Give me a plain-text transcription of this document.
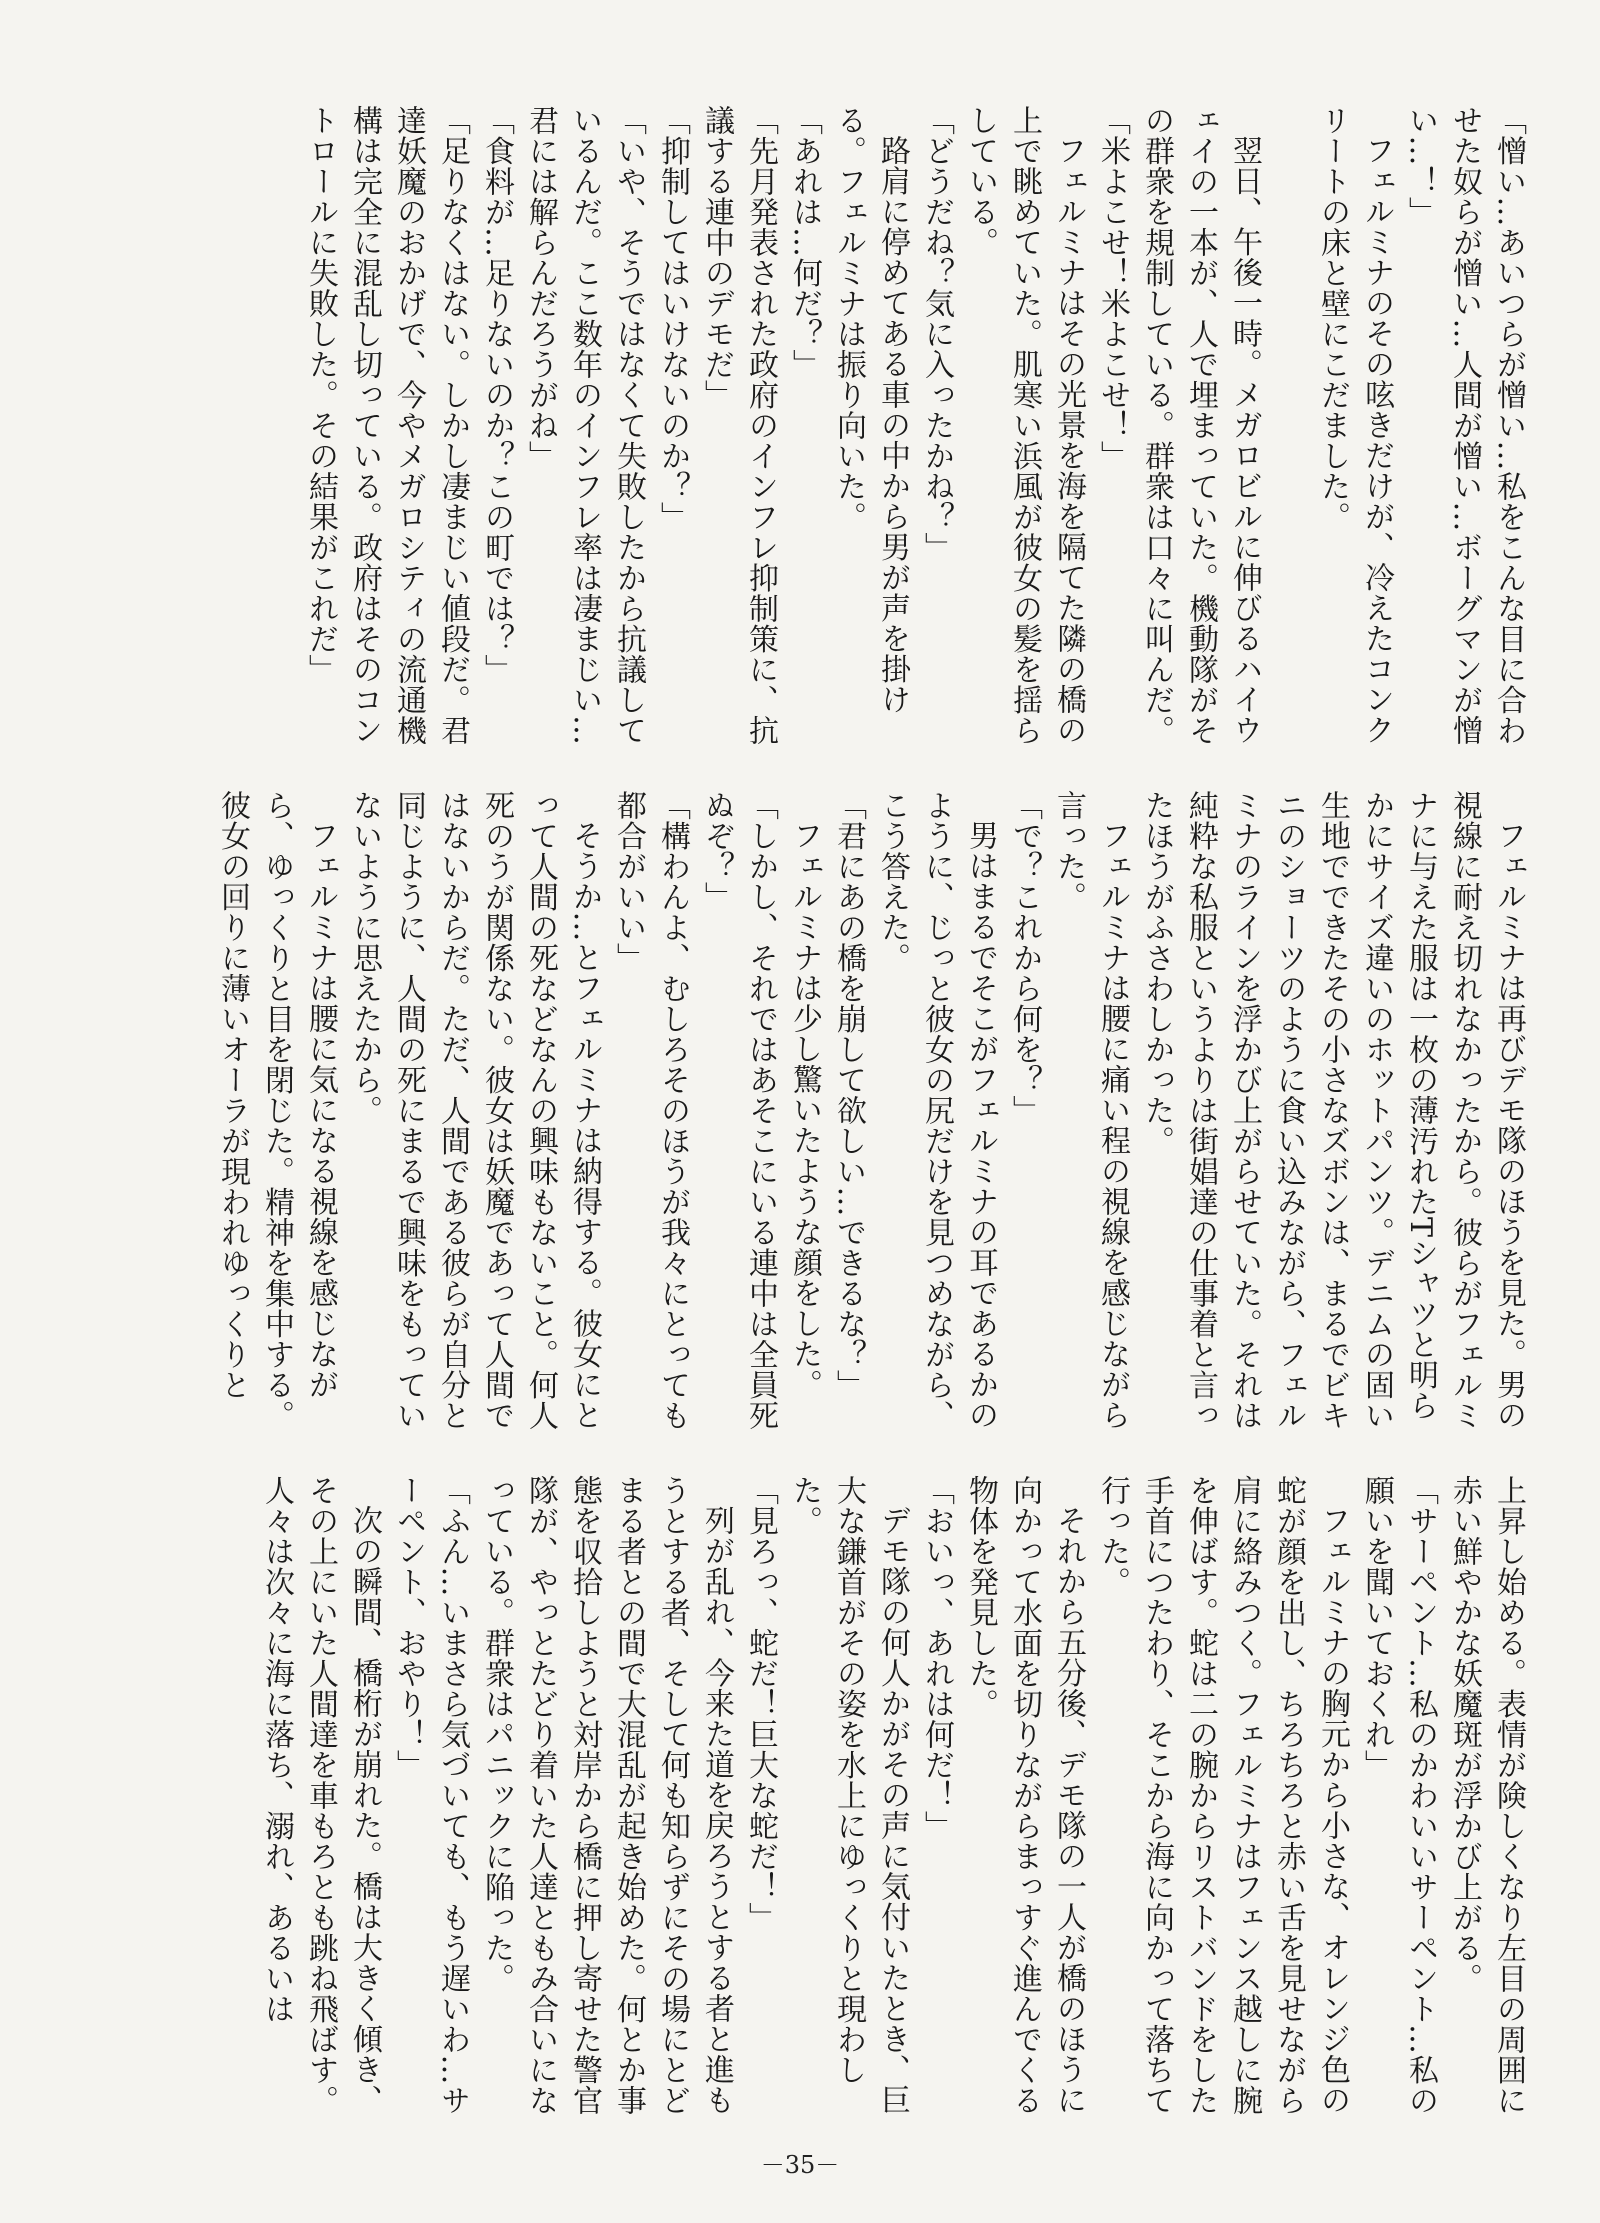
「憎い…あいつらが憎い…私をこんな目に合わせた奴らが憎い…人間が憎い…ボーグマンが憎い…！」

フェルミナのその呟きだけが、冷えたコンクリートの床と壁にこだました。

翌日、午後一時。メガロビルに伸びるハイウェイの一本が、人で埋まっていた。機動隊がその群衆を規制している。群衆は口々に叫んだ。

「米よこせ！米よこせ！」

フェルミナはその光景を海を隔てた隣の橋の上で眺めていた。肌寒い浜風が彼女の髪を揺らしている。

「どうだね？気に入ったかね？」

路肩に停めてある車の中から男が声を掛ける。フェルミナは振り向いた。

「あれは…何だ？」

「先月発表された政府のインフレ抑制策に、抗議する連中のデモだ」

「抑制してはいけないのか？」

「いや、そうではなくて失敗したから抗議しているんだ。ここ数年のインフレ率は凄まじい…君には解らんだろうがね」

「食料が…足りないのか？この町では？」

「足りなくはない。しかし凄まじい値段だ。君達妖魔のおかげで、今やメガロシティの流通機構は完全に混乱し切っている。政府はそのコントロールに失敗した。その結果がこれだ」

フェルミナは再びデモ隊のほうを見た。男の視線に耐え切れなかったから。彼らがフェルミナに与えた服は一枚の薄汚れたTシャツと明らかにサイズ違いのホットパンツ。デニムの固い生地でできたその小さなズボンは、まるでビキニのショーツのように食い込みながら、フェルミナのラインを浮かび上がらせていた。それは純粋な私服というよりは街娼達の仕事着と言ったほうがふさわしかった。

フェルミナは腰に痛い程の視線を感じながら言った。

「で？これから何を？」

男はまるでそこがフェルミナの耳であるかのように、じっと彼女の尻だけを見つめながら、こう答えた。

「君にあの橋を崩して欲しい…できるな？」

フェルミナは少し驚いたような顔をした。

「しかし、それではあそこにいる連中は全員死ぬぞ？」

「構わんよ、むしろそのほうが我々にとっても都合がいい」

そうか…とフェルミナは納得する。彼女にとって人間の死などなんの興味もないこと。何人死のうが関係ない。彼女は妖魔であって人間ではないからだ。ただ、人間である彼らが自分と同じように、人間の死にまるで興味をもっていないように思えたから。

フェルミナは腰に気になる視線を感じながら、ゆっくりと目を閉じた。精神を集中する。彼女の回りに薄いオーラが現われゆっくりと

上昇し始める。表情が険しくなり左目の周囲に赤い鮮やかな妖魔斑が浮かび上がる。

「サーペント…私のかわいいサーペント…私の願いを聞いておくれ」

フェルミナの胸元から小さな、オレンジ色の蛇が顔を出し、ちろちろと赤い舌を見せながら肩に絡みつく。フェルミナはフェンス越しに腕を伸ばす。蛇は二の腕からリストバンドをした手首につたわり、そこから海に向かって落ちて行った。

それから五分後、デモ隊の一人が橋のほうに向かって水面を切りながらまっすぐ進んでくる物体を発見した。

「おいっ、あれは何だ！」

デモ隊の何人かがその声に気付いたとき、巨大な鎌首がその姿を水上にゆっくりと現わした。

「見ろっ、蛇だ！巨大な蛇だ！」

列が乱れ、今来た道を戻ろうとする者と進もうとする者、そして何も知らずにその場にとどまる者との間で大混乱が起き始めた。何とか事態を収拾しようと対岸から橋に押し寄せた警官隊が、やっとたどり着いた人達ともみ合いになっている。群衆はパニックに陥った。

「ふん…いまさら気づいても、もう遅いわ…サーペント、おやり！」

次の瞬間、橋桁が崩れた。橋は大きく傾き、その上にいた人間達を車もろとも跳ね飛ばす。人々は次々に海に落ち、溺れ、あるいは

－35－
